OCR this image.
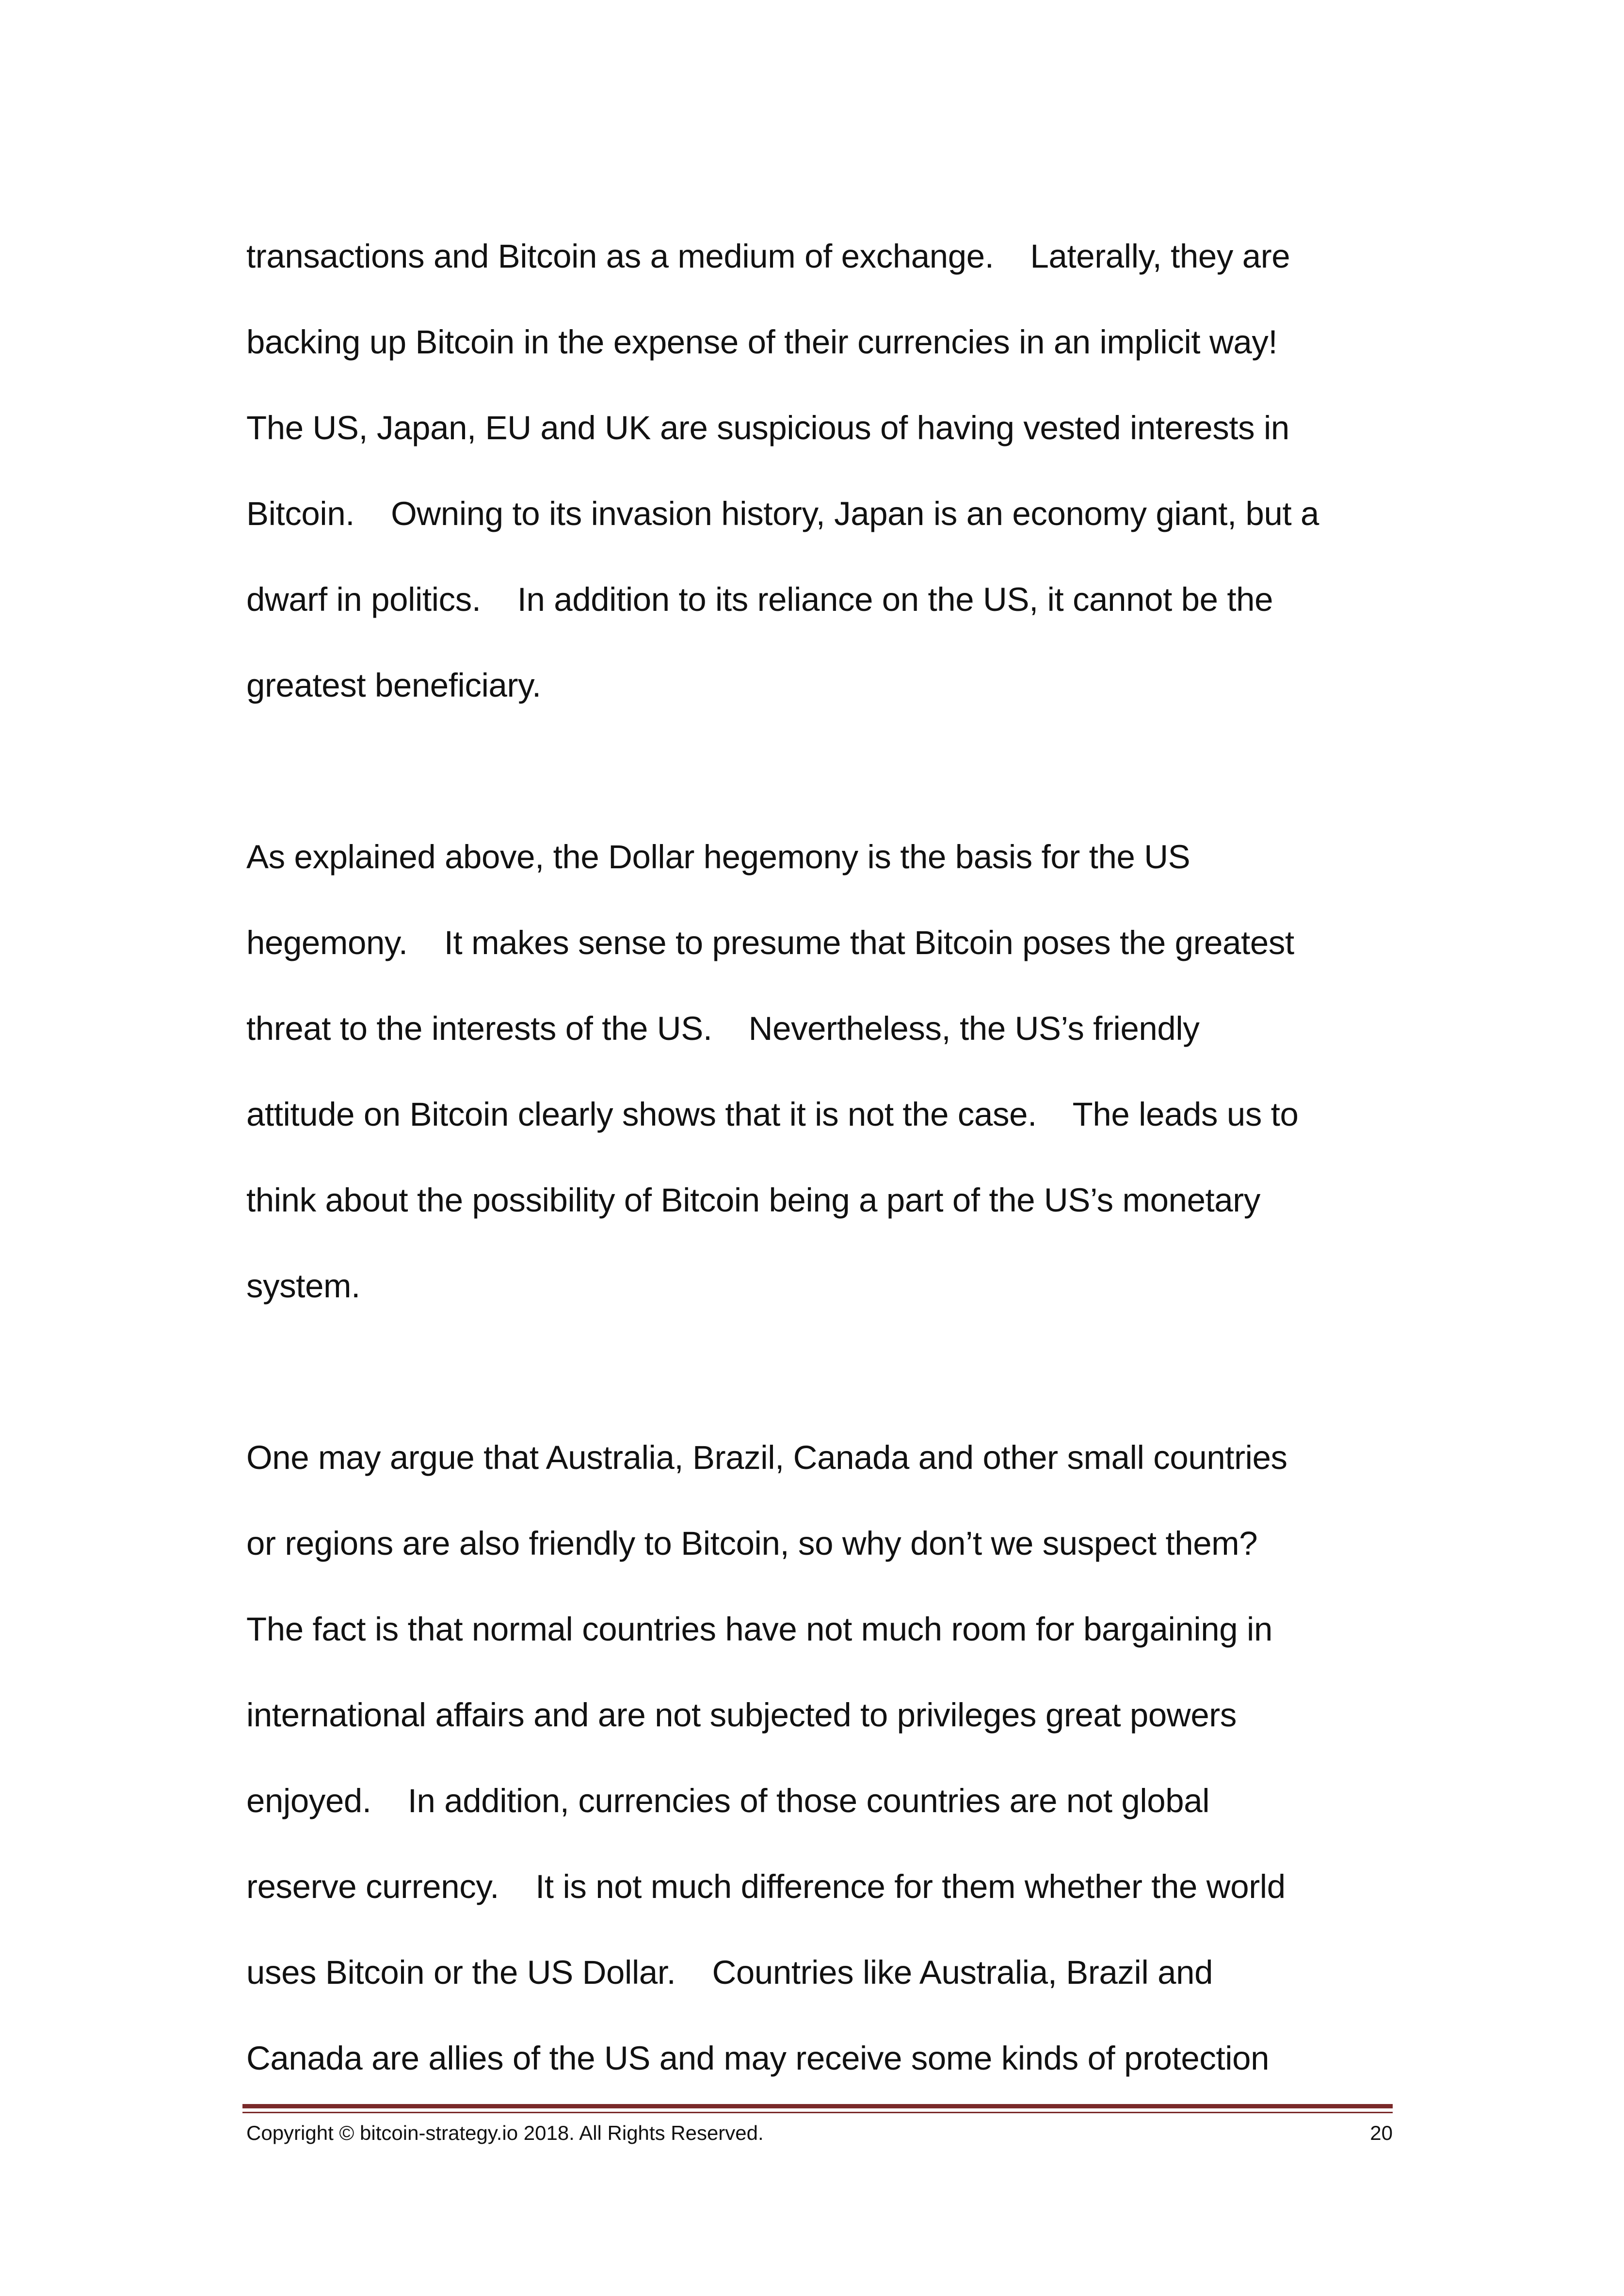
transactions and Bitcoin as a medium of exchange.    Laterally, they are
backing up Bitcoin in the expense of their currencies in an implicit way!
The US, Japan, EU and UK are suspicious of having vested interests in
Bitcoin.    Owning to its invasion history, Japan is an economy giant, but a
dwarf in politics.    In addition to its reliance on the US, it cannot be the
greatest beneficiary.
As explained above, the Dollar hegemony is the basis for the US
hegemony.    It makes sense to presume that Bitcoin poses the greatest
threat to the interests of the US.    Nevertheless, the US’s friendly
attitude on Bitcoin clearly shows that it is not the case.    The leads us to
think about the possibility of Bitcoin being a part of the US’s monetary
system.
One may argue that Australia, Brazil, Canada and other small countries
or regions are also friendly to Bitcoin, so why don’t we suspect them?
The fact is that normal countries have not much room for bargaining in
international affairs and are not subjected to privileges great powers
enjoyed.    In addition, currencies of those countries are not global
reserve currency.    It is not much difference for them whether the world
uses Bitcoin or the US Dollar.    Countries like Australia, Brazil and
Canada are allies of the US and may receive some kinds of protection
Copyright © bitcoin-strategy.io 2018. All Rights Reserved.	20
